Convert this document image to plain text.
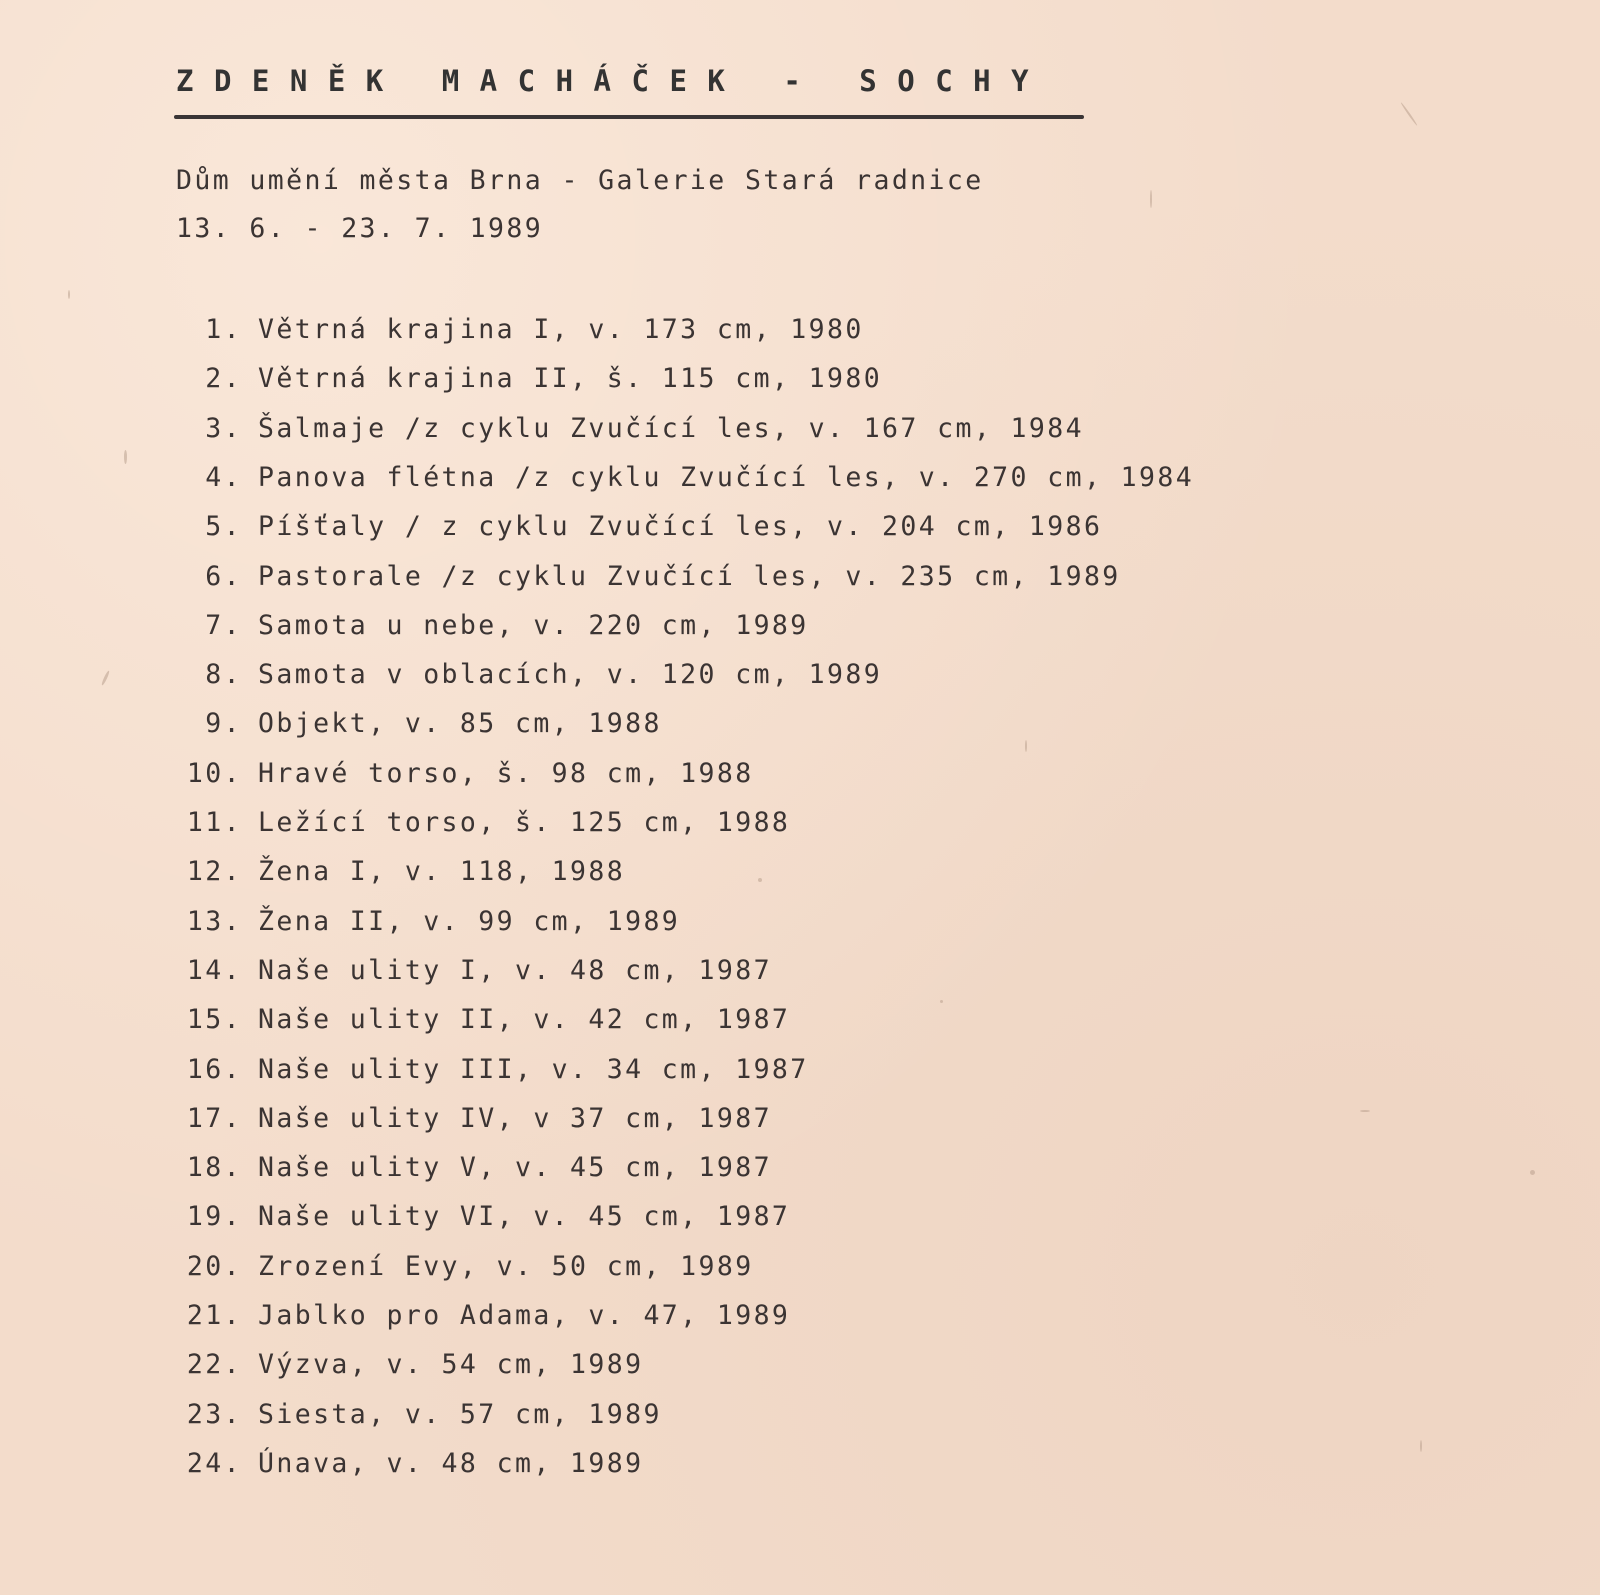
ZDENĚK MACHÁČEK - SOCHY
Dům umění města Brna - Galerie Stará radnice
13. 6. - 23. 7. 1989
1. Větrná krajina I, v. 173 cm, 1980
2. Větrná krajina II, š. 115 cm, 1980
3. Šalmaje /z cyklu Zvučící les, v. 167 cm, 1984
4. Panova flétna /z cyklu Zvučící les, v. 270 cm, 1984
5. Píšťaly / z cyklu Zvučící les, v. 204 cm, 1986
6. Pastorale /z cyklu Zvučící les, v. 235 cm, 1989
7. Samota u nebe, v. 220 cm, 1989
8. Samota v oblacích, v. 120 cm, 1989
9. Objekt, v. 85 cm, 1988
10. Hravé torso, š. 98 cm, 1988
11. Ležící torso, š. 125 cm, 1988
12. Žena I, v. 118, 1988
13. Žena II, v. 99 cm, 1989
14. Naše ulity I, v. 48 cm, 1987
15. Naše ulity II, v. 42 cm, 1987
16. Naše ulity III, v. 34 cm, 1987
17. Naše ulity IV, v 37 cm, 1987
18. Naše ulity V, v. 45 cm, 1987
19. Naše ulity VI, v. 45 cm, 1987
20. Zrození Evy, v. 50 cm, 1989
21. Jablko pro Adama, v. 47, 1989
22. Výzva, v. 54 cm, 1989
23. Siesta, v. 57 cm, 1989
24. Únava, v. 48 cm, 1989
